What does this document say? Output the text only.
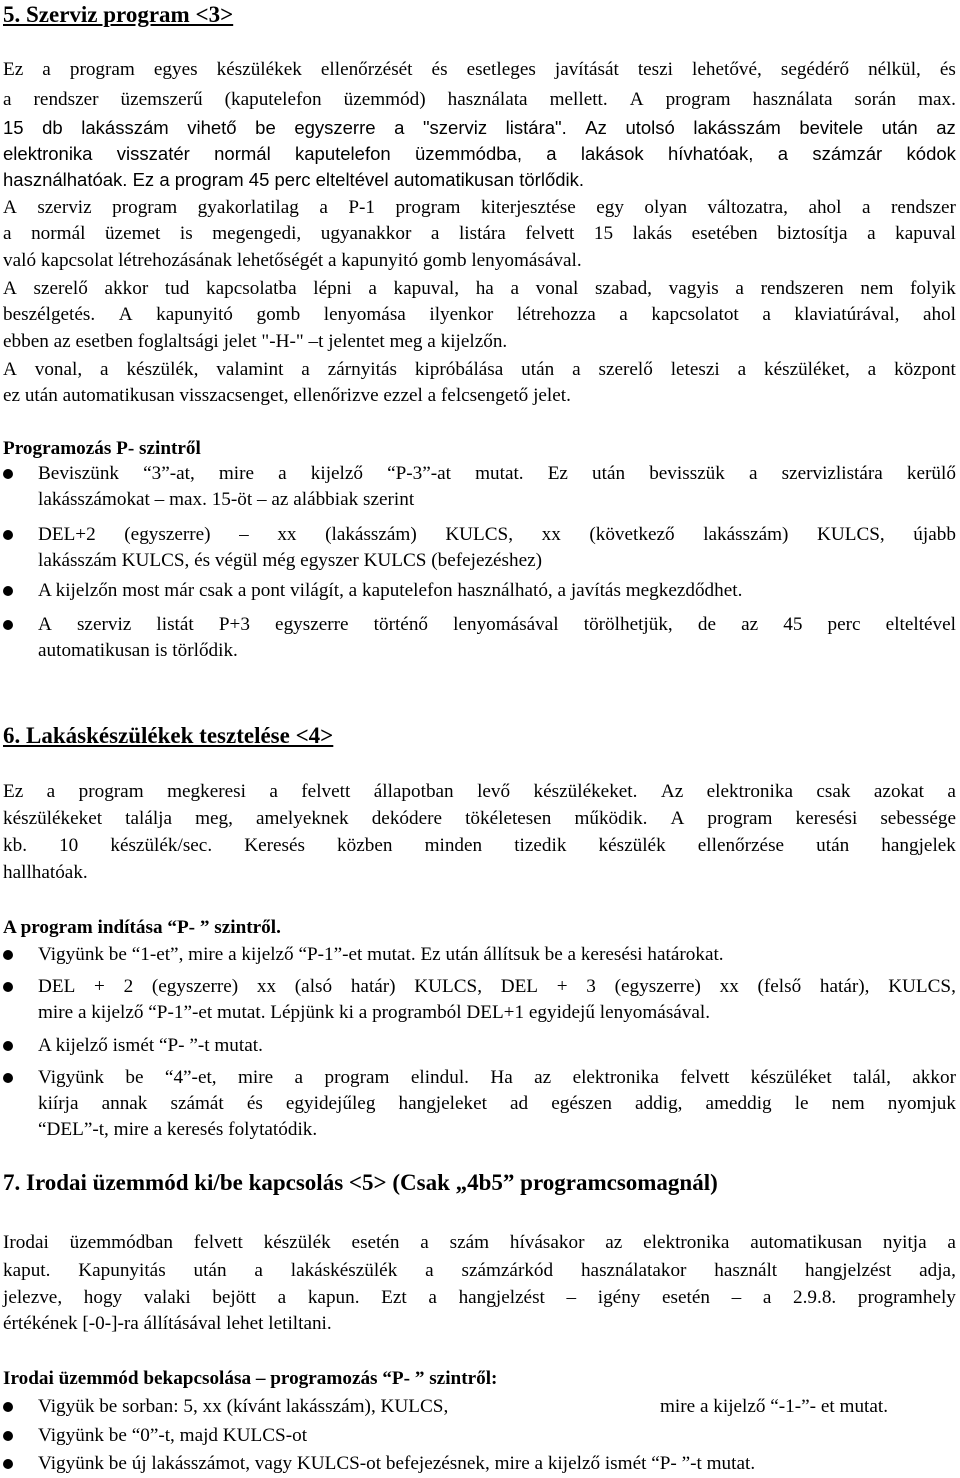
5. Szerviz program <3>
Ez a program egyes készülékek ellenőrzését és esetleges javítását teszi lehetővé, segédérő nélkül, és
a rendszer üzemszerű (kaputelefon üzemmód) használata mellett. A program használata során max.
15 db lakásszám vihető be egyszerre a "szerviz listára". Az utolsó lakásszám bevitele után az
elektronika visszatér normál kaputelefon üzemmódba, a lakások hívhatóak, a számzár kódok
használhatóak. Ez a program 45 perc elteltével automatikusan törlődik.
A szerviz program gyakorlatilag a P-1 program kiterjesztése egy olyan változatra, ahol a rendszer
a normál üzemet is megengedi, ugyanakkor a listára felvett 15 lakás esetében biztosítja a kapuval
való kapcsolat létrehozásának lehetőségét a kapunyitó gomb lenyomásával.
A szerelő akkor tud kapcsolatba lépni a kapuval, ha a vonal szabad, vagyis a rendszeren nem folyik
beszélgetés. A kapunyitó gomb lenyomása ilyenkor létrehozza a kapcsolatot a klaviatúrával, ahol
ebben az esetben foglaltsági jelet "-H-" –t jelentet meg a kijelzőn.
A vonal, a készülék, valamint a zárnyitás kipróbálása után a szerelő leteszi a készüléket, a központ
ez után automatikusan visszacsenget, ellenőrizve ezzel a felcsengető jelet.
Programozás P- szintről
Beviszünk “3”-at, mire a kijelző “P-3”-at mutat. Ez után bevisszük a szervizlistára kerülő
lakásszámokat – max. 15-öt – az alábbiak szerint
DEL+2 (egyszerre) – xx (lakásszám) KULCS, xx (következő lakásszám) KULCS, újabb
lakásszám KULCS, és végül még egyszer KULCS (befejezéshez)
A kijelzőn most már csak a pont világít, a kaputelefon használható, a javítás megkezdődhet.
A szerviz listát P+3 egyszerre történő lenyomásával törölhetjük, de az 45 perc elteltével
automatikusan is törlődik.
6. Lakáskészülékek tesztelése <4>
Ez a program megkeresi a felvett állapotban levő készülékeket. Az elektronika csak azokat a
készülékeket találja meg, amelyeknek dekódere tökéletesen működik. A program keresési sebessége
kb. 10 készülék/sec. Keresés közben minden tizedik készülék ellenőrzése után hangjelek
hallhatóak.
A program indítása “P- ” szintről.
Vigyünk be “1-et”, mire a kijelző “P-1”-et mutat. Ez után állítsuk be a keresési határokat.
DEL + 2 (egyszerre) xx (alsó határ) KULCS, DEL + 3 (egyszerre) xx (felső határ), KULCS,
mire a kijelző “P-1”-et mutat. Lépjünk ki a programból DEL+1 egyidejű lenyomásával.
A kijelző ismét “P- ”-t mutat.
Vigyünk be “4”-et, mire a program elindul. Ha az elektronika felvett készüléket talál, akkor
kiírja annak számát és egyidejűleg hangjeleket ad egészen addig, ameddig le nem nyomjuk
“DEL”-t, mire a keresés folytatódik.
7. Irodai üzemmód ki/be kapcsolás <5> (Csak „4b5” programcsomagnál)
Irodai üzemmódban felvett készülék esetén a szám hívásakor az elektronika automatikusan nyitja a
kaput. Kapunyitás után a lakáskészülék a számzárkód használatakor használt hangjelzést adja,
jelezve, hogy valaki bejött a kapun. Ezt a hangjelzést – igény esetén – a 2.9.8. programhely
értékének [-0-]-ra állításával lehet letiltani.
Irodai üzemmód bekapcsolása – programozás “P- ” szintről:
Vigyük be sorban: 5, xx (kívánt lakásszám), KULCS,	mire a kijelző “-1-”- et mutat.
Vigyünk be “0”-t, majd KULCS-ot
Vigyünk be új lakásszámot, vagy KULCS-ot befejezésnek, mire a kijelző ismét “P- ”-t mutat.
